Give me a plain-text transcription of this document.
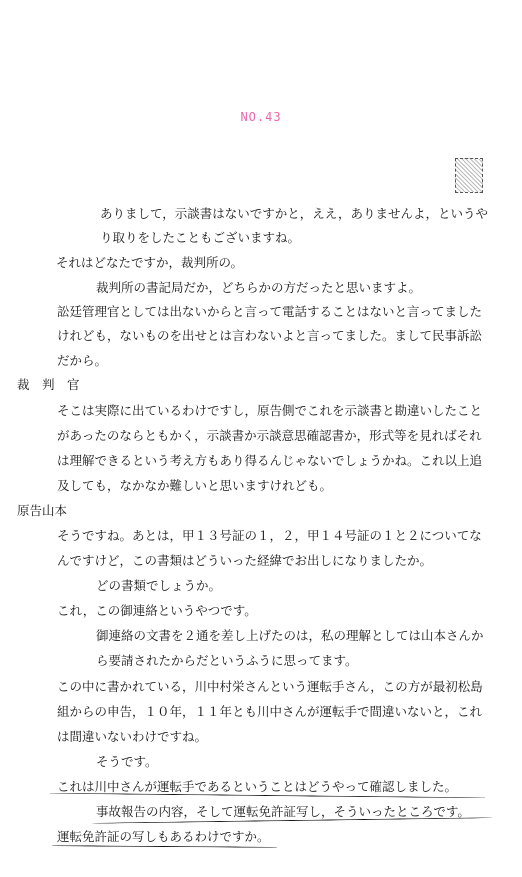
NO.43
ありまして，示談書はないですかと，ええ，ありませんよ，というや
り取りをしたこともございますね。
それはどなたですか，裁判所の。
裁判所の書記局だか，どちらかの方だったと思いますよ。
訟廷管理官としては出ないからと言って電話することはないと言ってました
けれども，ないものを出せとは言わないよと言ってました。まして民事訴訟
だから。
裁　判　官
そこは実際に出ているわけですし，原告側でこれを示談書と勘違いしたこと
があったのならともかく，示談書か示談意思確認書か，形式等を見ればそれ
は理解できるという考え方もあり得るんじゃないでしょうかね。これ以上追
及しても，なかなか難しいと思いますけれども。
原告山本
そうですね。あとは，甲１３号証の１，２，甲１４号証の１と２についてな
んですけど，この書類はどういった経緯でお出しになりましたか。
どの書類でしょうか。
これ，この御連絡というやつです。
御連絡の文書を２通を差し上げたのは，私の理解としては山本さんか
ら要請されたからだというふうに思ってます。
この中に書かれている，川中村栄さんという運転手さん，この方が最初松島
組からの申告，１０年，１１年とも川中さんが運転手で間違いないと，これ
は間違いないわけですね。
そうです。
これは川中さんが運転手であるということはどうやって確認しました。
事故報告の内容，そして運転免許証写し，そういったところです。
運転免許証の写しもあるわけですか。
